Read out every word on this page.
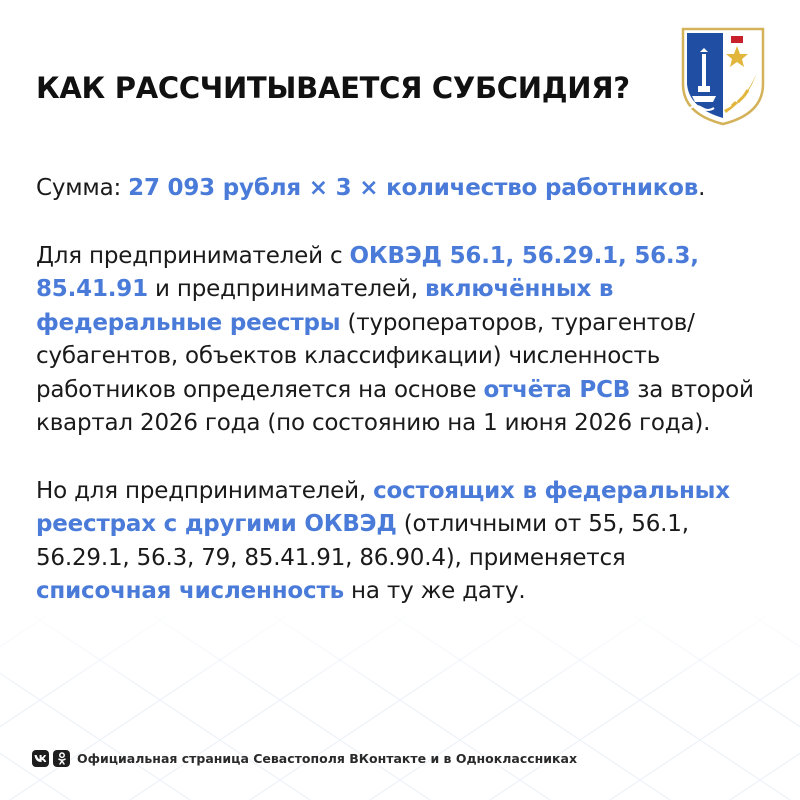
КАК РАССЧИТЫВАЕТСЯ СУБСИДИЯ?

Сумма: 27 093 рубля × 3 × количество работников.

Для предпринимателей с ОКВЭД 56.1, 56.29.1, 56.3, 85.41.91 и предпринимателей, включённых в федеральные реестры (туроператоров, турагентов/субагентов, объектов классификации) численность работников определяется на основе отчёта РСВ за второй квартал 2026 года (по состоянию на 1 июня 2026 года).

Но для предпринимателей, состоящих в федеральных реестрах с другими ОКВЭД (отличными от 55, 56.1, 56.29.1, 56.3, 79, 85.41.91, 86.90.4), применяется списочная численность на ту же дату.

Официальная страница Севастополя ВКонтакте и в Одноклассниках
